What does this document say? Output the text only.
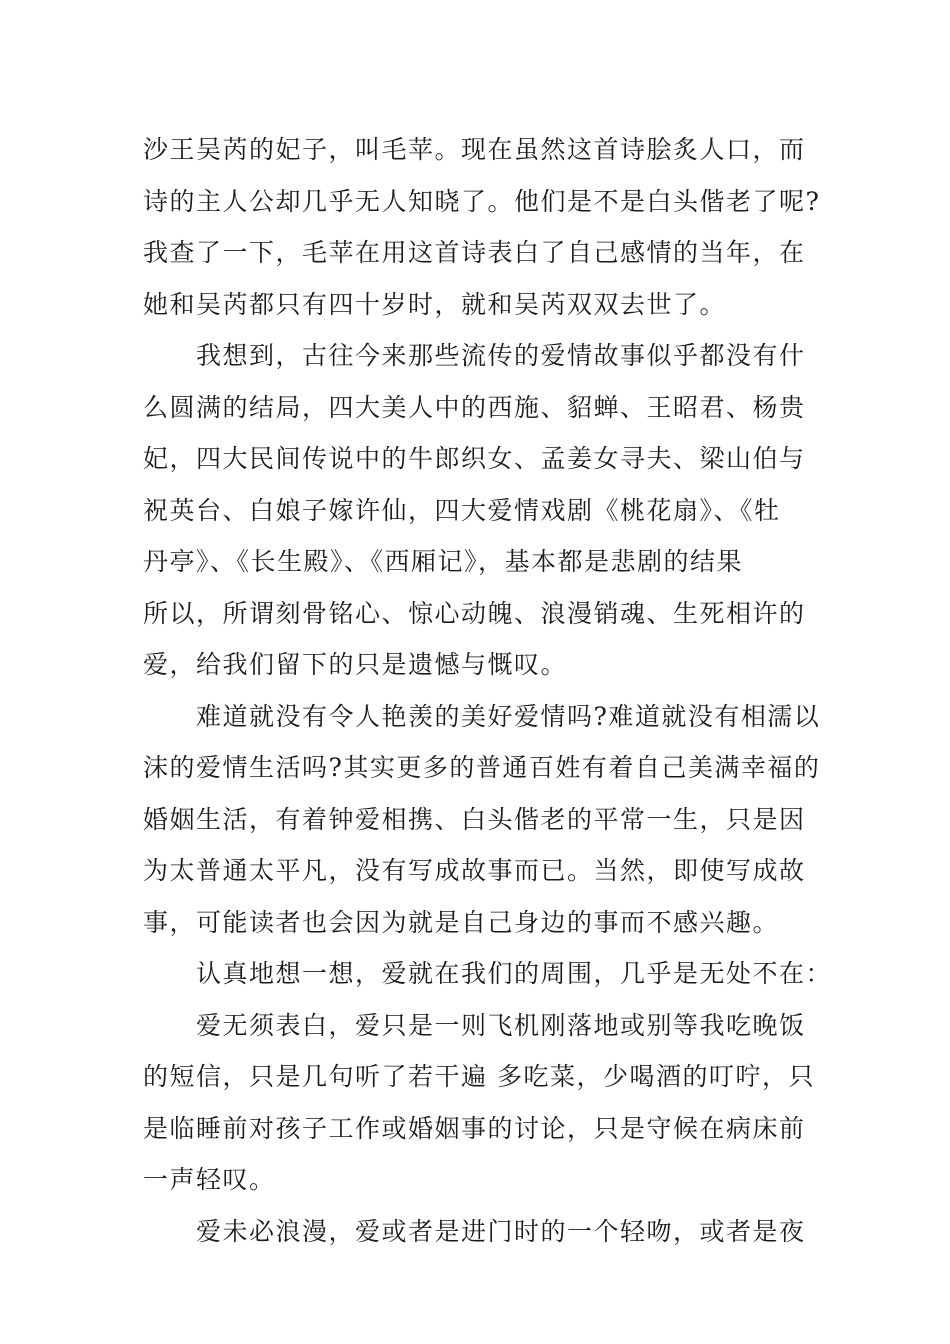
沙王吴芮的妃子，叫毛苹。现在虽然这首诗脍炙人口，而
诗的主人公却几乎无人知晓了。他们是不是白头偕老了呢?
我查了一下，毛苹在用这首诗表白了自己感情的当年，在
她和吴芮都只有四十岁时，就和吴芮双双去世了。
我想到，古往今来那些流传的爱情故事似乎都没有什
么圆满的结局，四大美人中的西施、貂蝉、王昭君、杨贵
妃，四大民间传说中的牛郎织女、孟姜女寻夫、梁山伯与
祝英台、白娘子嫁许仙，四大爱情戏剧《桃花扇》、《牡
丹亭》、《长生殿》、《西厢记》，基本都是悲剧的结果
所以，所谓刻骨铭心、惊心动魄、浪漫销魂、生死相许的
爱，给我们留下的只是遗憾与慨叹。
难道就没有令人艳羡的美好爱情吗?难道就没有相濡以
沫的爱情生活吗?其实更多的普通百姓有着自己美满幸福的
婚姻生活，有着钟爱相携、白头偕老的平常一生，只是因
为太普通太平凡，没有写成故事而已。当然，即使写成故
事，可能读者也会因为就是自己身边的事而不感兴趣。
认真地想一想，爱就在我们的周围，几乎是无处不在：
爱无须表白，爱只是一则飞机刚落地或别等我吃晚饭
的短信，只是几句听了若干遍 多吃菜，少喝酒的叮咛，只
是临睡前对孩子工作或婚姻事的讨论，只是守候在病床前
一声轻叹。
爱未必浪漫，爱或者是进门时的一个轻吻，或者是夜
